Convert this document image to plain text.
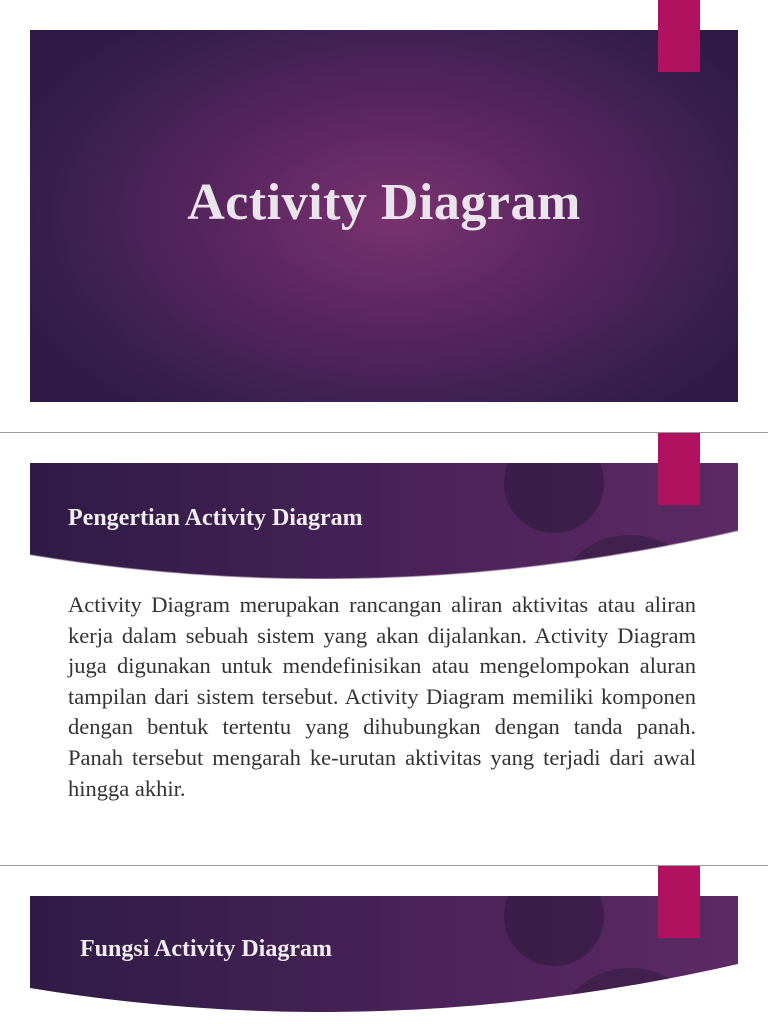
Activity Diagram
Pengertian Activity Diagram

Activity Diagram merupakan rancangan aliran aktivitas atau aliran kerja dalam sebuah sistem yang akan dijalankan. Activity Diagram juga digunakan untuk mendefinisikan atau mengelompokan aluran tampilan dari sistem tersebut. Activity Diagram memiliki komponen dengan bentuk tertentu yang dihubungkan dengan tanda panah. Panah tersebut mengarah ke-urutan aktivitas yang terjadi dari awal hingga akhir.

Fungsi Activity Diagram
